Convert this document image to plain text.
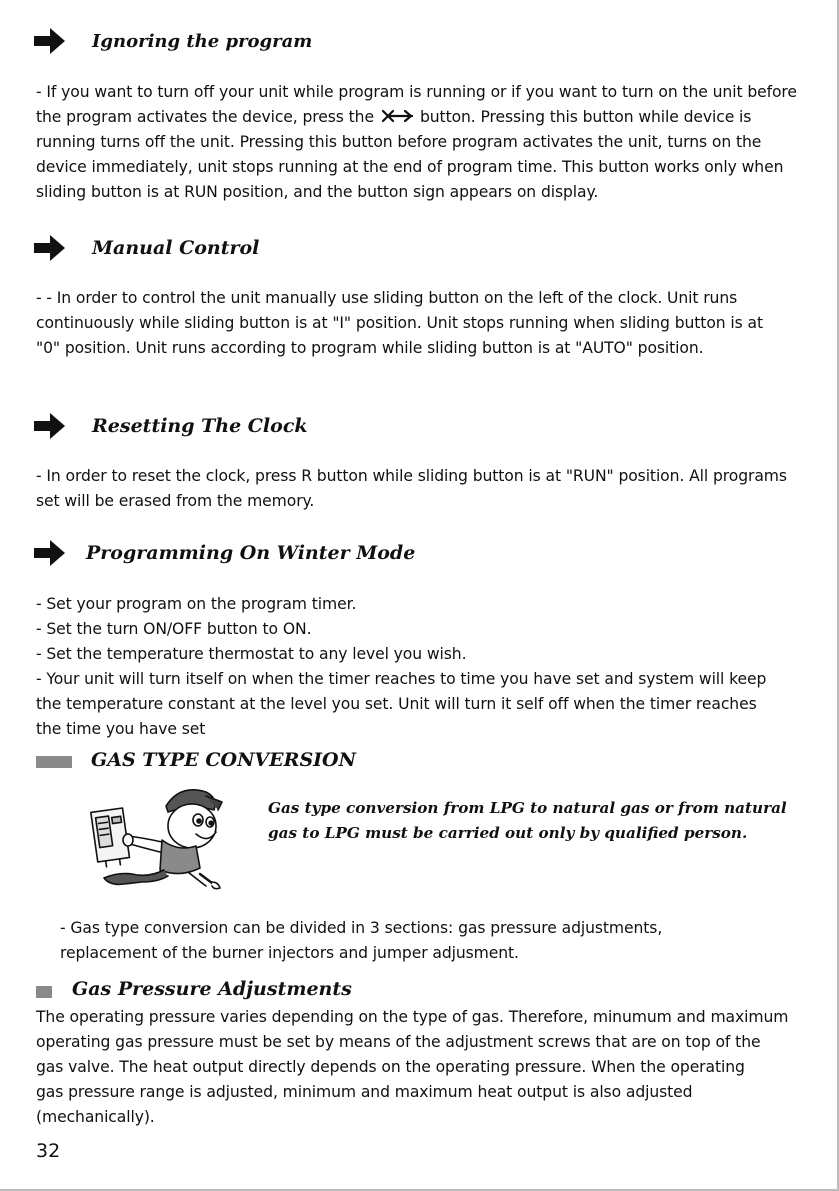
Ignoring the program
- If you want to turn off your unit while program is running or if you want to turn on the unit before
the program activates the device, press the	button. Pressing this button while device is
running turns off the unit. Pressing this button before program activates the unit, turns on the
device immediately, unit stops running at the end of program time. This button works only when
sliding button is at RUN position, and the button sign appears on display.
Manual Control
- - In order to control the unit manually use sliding button on the left of the clock. Unit runs
continuously while sliding button is at "I" position. Unit stops running when sliding button is at
"0" position. Unit runs according to program while sliding button is at "AUTO" position.
Resetting The Clock
- In order to reset the clock, press R button while sliding button is at "RUN" position. All programs
set will be erased from the memory.
Programming On Winter Mode
- Set your program on the program timer.
- Set the turn ON/OFF button to ON.
- Set the temperature thermostat to any level you wish.
- Your unit will turn itself on when the timer reaches to time you have set and system will keep
the temperature constant at the level you set. Unit will turn it self off when the timer reaches
the time you have set
GAS TYPE CONVERSION
Gas type conversion from LPG to natural gas or from natural
gas to LPG must be carried out only by qualified person.
- Gas type conversion can be divided in 3 sections: gas pressure adjustments,
replacement of the burner injectors and jumper adjusment.
Gas Pressure Adjustments
The operating pressure varies depending on the type of gas. Therefore, minumum and maximum
operating gas pressure must be set by means of the adjustment screws that are on top of the
gas valve. The heat output directly depends on the operating pressure. When the operating
gas pressure range is adjusted, minimum and maximum heat output is also adjusted
(mechanically).
32
